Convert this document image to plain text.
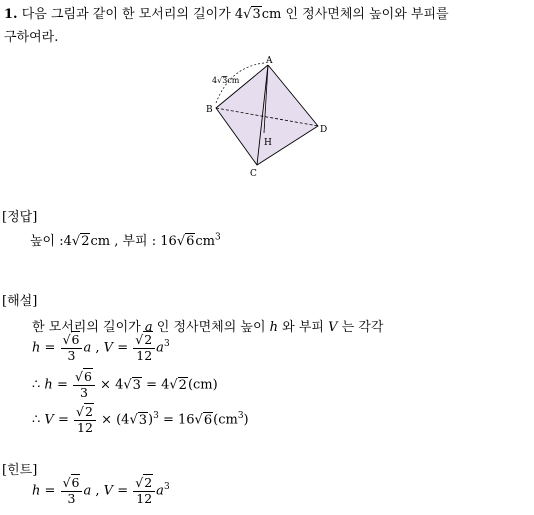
1. 다음 그림과 같이 한 모서리의 길이가 4√3cm 인 정사면체의 높이와 부피를
구하여라.
A
B
C
D
H
4√3cm
[정답]
높이 :4√2cm , 부피 : $16√6cm^3$
[해설]
한 모서리의 길이가 a 인 정사면체의 높이 h 와 부피 V 는 각각
$h = \frac{√6}{3}$ a , $V = \frac{√2}{12} a^3$
∴ $h = \frac{√6}{3} \times 4√3 = 4√2(cm)$
∴ $V = \frac{√2}{12} \times (4√3)^3 = 16√6(cm^3)$
[힌트]
$h = \frac{√6}{3}$ a , $V = \frac{√2}{12} a^3$
